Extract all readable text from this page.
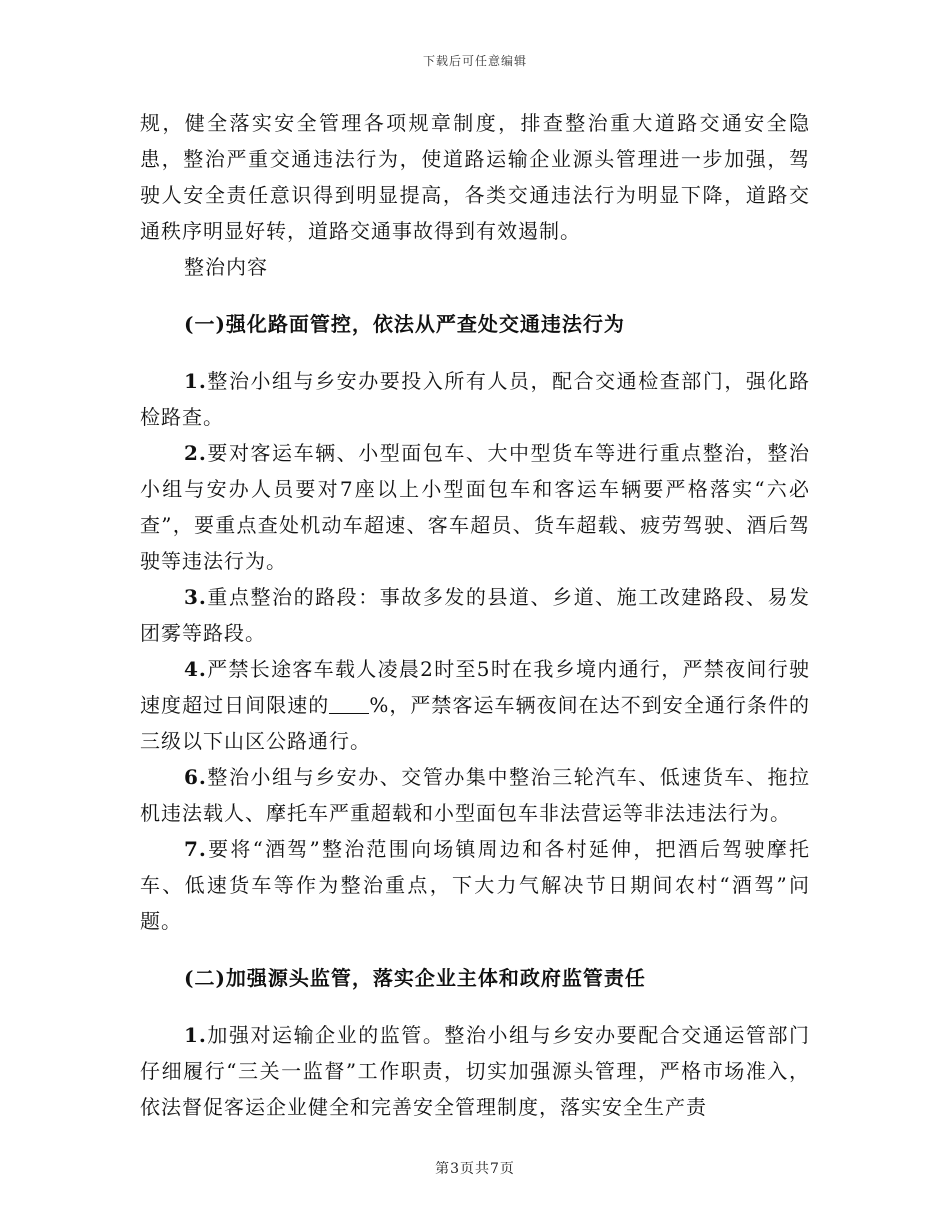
下载后可任意编辑

规，健全落实安全管理各项规章制度，排查整治重大道路交通安全隐患，整治严重交通违法行为，使道路运输企业源头管理进一步加强，驾驶人安全责任意识得到明显提高，各类交通违法行为明显下降，道路交通秩序明显好转，道路交通事故得到有效遏制。

整治内容

(一)强化路面管控，依法从严查处交通违法行为

1.整治小组与乡安办要投入所有人员，配合交通检查部门，强化路检路查。

2.要对客运车辆、小型面包车、大中型货车等进行重点整治，整治小组与安办人员要对7座以上小型面包车和客运车辆要严格落实“六必查”，要重点查处机动车超速、客车超员、货车超载、疲劳驾驶、酒后驾驶等违法行为。

3.重点整治的路段：事故多发的县道、乡道、施工改建路段、易发团雾等路段。

4.严禁长途客车载人凌晨2时至5时在我乡境内通行，严禁夜间行驶速度超过日间限速的 %，严禁客运车辆夜间在达不到安全通行条件的三级以下山区公路通行。

6.整治小组与乡安办、交管办集中整治三轮汽车、低速货车、拖拉机违法载人、摩托车严重超载和小型面包车非法营运等非法违法行为。

7.要将“酒驾”整治范围向场镇周边和各村延伸，把酒后驾驶摩托车、低速货车等作为整治重点，下大力气解决节日期间农村“酒驾”问题。

(二)加强源头监管，落实企业主体和政府监管责任

1.加强对运输企业的监管。整治小组与乡安办要配合交通运管部门仔细履行“三关一监督”工作职责，切实加强源头管理，严格市场准入，依法督促客运企业健全和完善安全管理制度，落实安全生产责

第3页共7页
